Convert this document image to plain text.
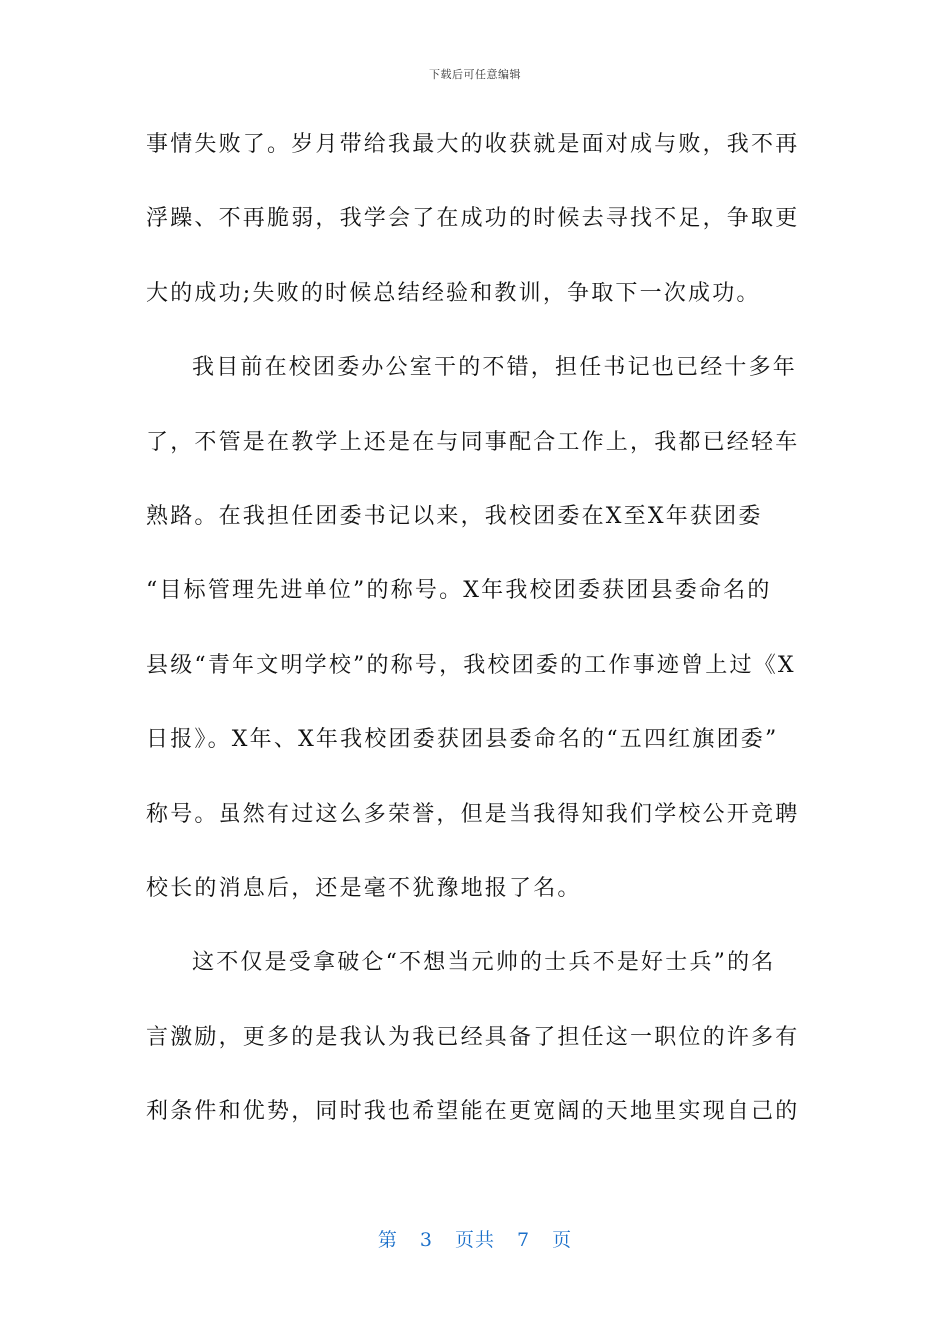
下载后可任意编辑
事情失败了。岁月带给我最大的收获就是面对成与败，我不再
浮躁、不再脆弱，我学会了在成功的时候去寻找不足，争取更
大的成功;失败的时候总结经验和教训，争取下一次成功。
我目前在校团委办公室干的不错，担任书记也已经十多年
了，不管是在教学上还是在与同事配合工作上，我都已经轻车
熟路。在我担任团委书记以来，我校团委在X至X年获团委
“目标管理先进单位”的称号。X年我校团委获团县委命名的
县级“青年文明学校”的称号，我校团委的工作事迹曾上过《X
日报》。X年、X年我校团委获团县委命名的“五四红旗团委”
称号。虽然有过这么多荣誉，但是当我得知我们学校公开竞聘
校长的消息后，还是毫不犹豫地报了名。
这不仅是受拿破仑“不想当元帅的士兵不是好士兵”的名
言激励，更多的是我认为我已经具备了担任这一职位的许多有
利条件和优势，同时我也希望能在更宽阔的天地里实现自己的
第 3 页共 7 页
